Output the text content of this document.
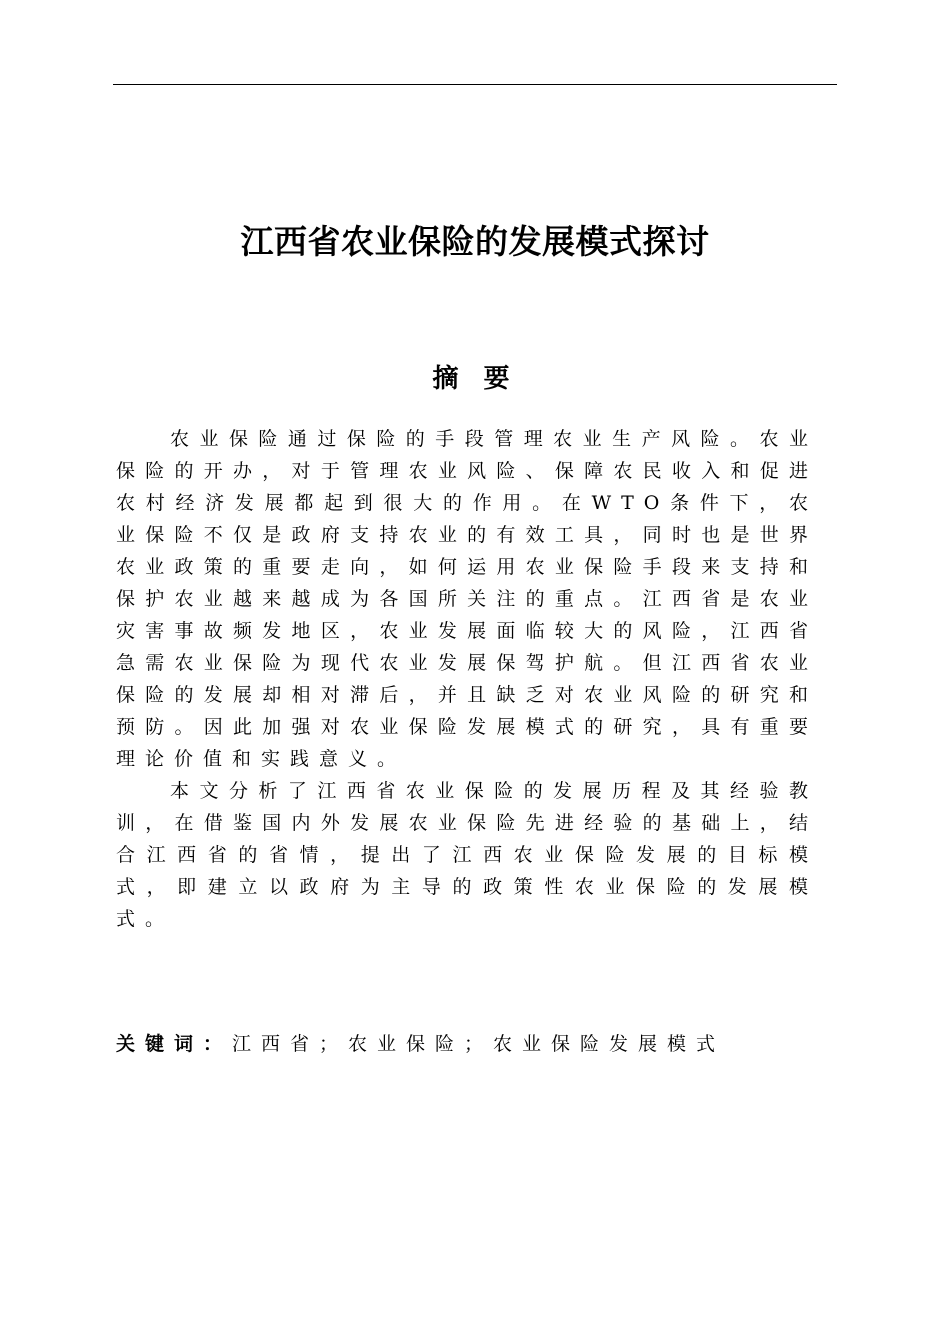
江西省农业保险的发展模式探讨
摘 要

农业保险通过保险的手段管理农业生产风险。农业保险的开办，对于管理农业风险、保障农民收入和促进农村经济发展都起到很大的作用。在WTO条件下，农业保险不仅是政府支持农业的有效工具，同时也是世界农业政策的重要走向，如何运用农业保险手段来支持和保护农业越来越成为各国所关注的重点。江西省是农业灾害事故频发地区，农业发展面临较大的风险，江西省急需农业保险为现代农业发展保驾护航。但江西省农业保险的发展却相对滞后，并且缺乏对农业风险的研究和预防。因此加强对农业保险发展模式的研究，具有重要理论价值和实践意义。

本文分析了江西省农业保险的发展历程及其经验教训，在借鉴国内外发展农业保险先进经验的基础上，结合江西省的省情，提出了江西农业保险发展的目标模式，即建立以政府为主导的政策性农业保险的发展模式。

关键词：江西省；农业保险；农业保险发展模式
